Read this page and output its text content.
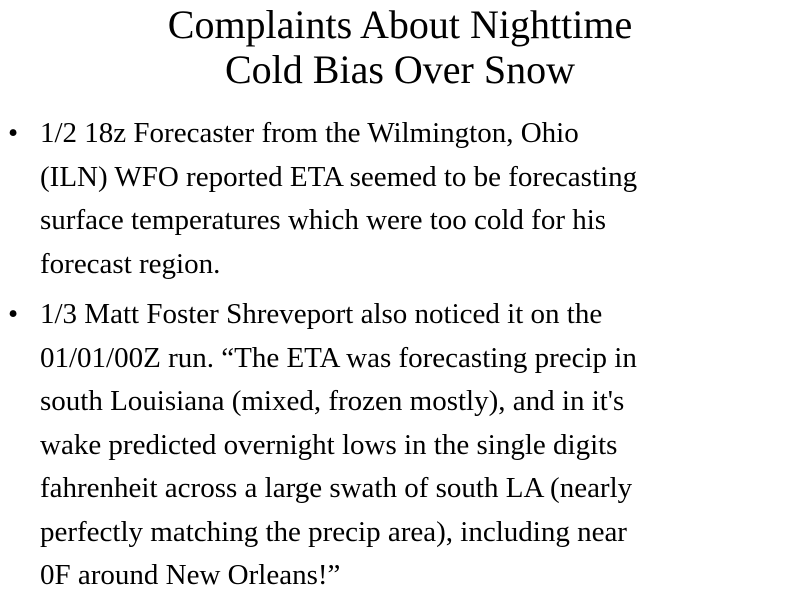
Complaints About Nighttime
Cold Bias Over Snow
• 1/2 18z Forecaster from the Wilmington, Ohio
(ILN) WFO reported ETA seemed to be forecasting
surface temperatures which were too cold for his
forecast region.
• 1/3 Matt Foster Shreveport also noticed it on the
01/01/00Z run. “The ETA was forecasting precip in
south Louisiana (mixed, frozen mostly), and in it's
wake predicted overnight lows in the single digits
fahrenheit across a large swath of south LA (nearly
perfectly matching the precip area), including near
0F around New Orleans!”
